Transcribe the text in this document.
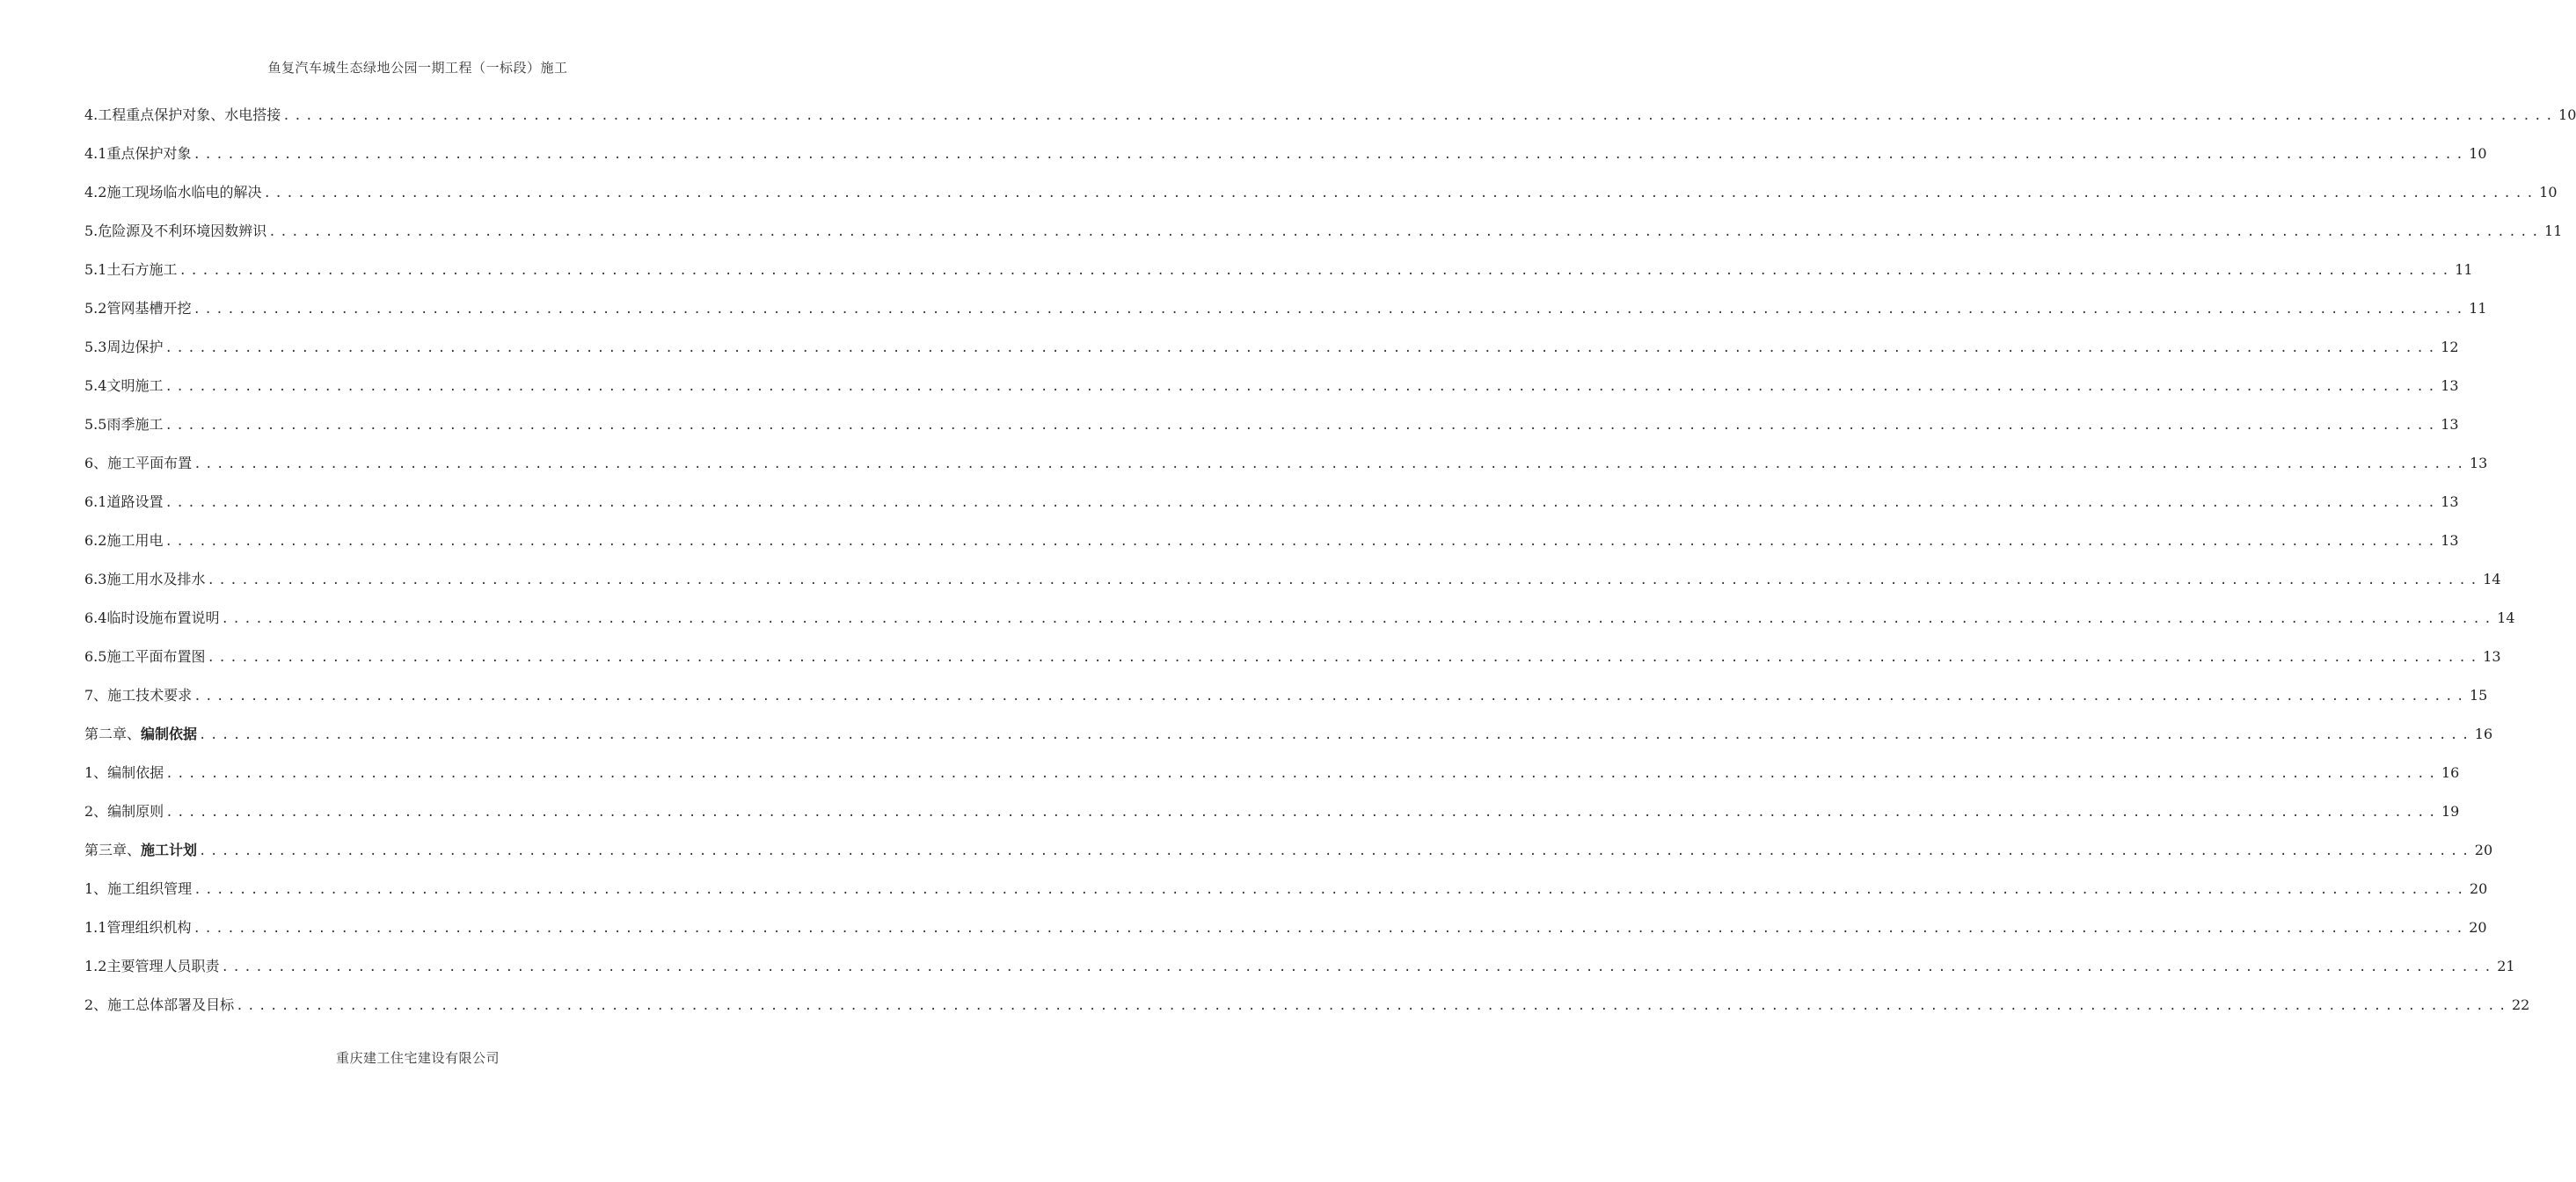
鱼复汽车城生态绿地公园一期工程（一标段）施工
4.工程重点保护对象、水电搭接 ........................................................................................................................................................................................................ 10
4.1重点保护对象 ........................................................................................................................................................................................................ 10
4.2施工现场临水临电的解决 ........................................................................................................................................................................................................ 10
5.危险源及不利环境因数辨识 ........................................................................................................................................................................................................ 11
5.1土石方施工 ........................................................................................................................................................................................................ 11
5.2管网基槽开挖 ........................................................................................................................................................................................................ 11
5.3周边保护 ........................................................................................................................................................................................................ 12
5.4文明施工 ........................................................................................................................................................................................................ 13
5.5雨季施工 ........................................................................................................................................................................................................ 13
6、施工平面布置 ........................................................................................................................................................................................................ 13
6.1道路设置 ........................................................................................................................................................................................................ 13
6.2施工用电 ........................................................................................................................................................................................................ 13
6.3施工用水及排水 ........................................................................................................................................................................................................ 14
6.4临时设施布置说明 ........................................................................................................................................................................................................ 14
6.5施工平面布置图 ........................................................................................................................................................................................................ 13
7、施工技术要求 ........................................................................................................................................................................................................ 15
第二章、 编制依据 ........................................................................................................................................................................................................ 16
1、编制依据 ........................................................................................................................................................................................................ 16
2、编制原则 ........................................................................................................................................................................................................ 19
第三章、 施工计划 ........................................................................................................................................................................................................ 20
1、施工组织管理 ........................................................................................................................................................................................................ 20
1.1管理组织机构 ........................................................................................................................................................................................................ 20
1.2主要管理人员职责 ........................................................................................................................................................................................................ 21
2、施工总体部署及目标 ........................................................................................................................................................................................................ 22
重庆建工住宅建设有限公司
